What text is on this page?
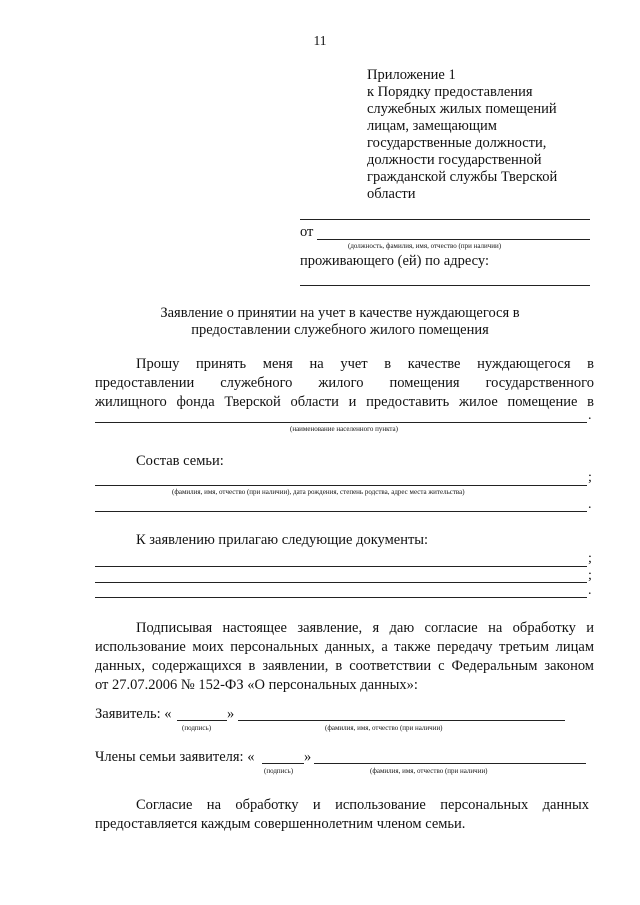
11
Приложение 1
к Порядку предоставления
служебных жилых помещений
лицам, замещающим
государственные должности,
должности государственной
гражданской службы Тверской
области
от
(должность, фамилия, имя, отчество (при наличии)
проживающего (ей) по адресу:
Заявление о принятии на учет в качестве нуждающегося в
предоставлении служебного жилого помещения
Прошу принять меня на учет в качестве нуждающегося в
предоставлении служебного жилого помещения государственного
жилищного фонда Тверской области и предоставить жилое помещение в
.
(наименование населенного пункта)
Состав семьи:
;
(фамилия, имя, отчество (при наличии), дата рождения, степень родства, адрес места жительства)
.
К заявлению прилагаю следующие документы:
;
;
.
Подписывая настоящее заявление, я даю согласие на обработку и
использование моих персональных данных, а также передачу третьим лицам
данных, содержащихся в заявлении, в соответствии с Федеральным законом
от 27.07.2006 № 152-ФЗ «О персональных данных»:
Заявитель: «	»
(подпись)	(фамилия, имя, отчество (при наличии)
Члены семьи заявителя: «	»
(подпись)	(фамилия, имя, отчество (при наличии)
Согласие на обработку и использование персональных данных
предоставляется каждым совершеннолетним членом семьи.
